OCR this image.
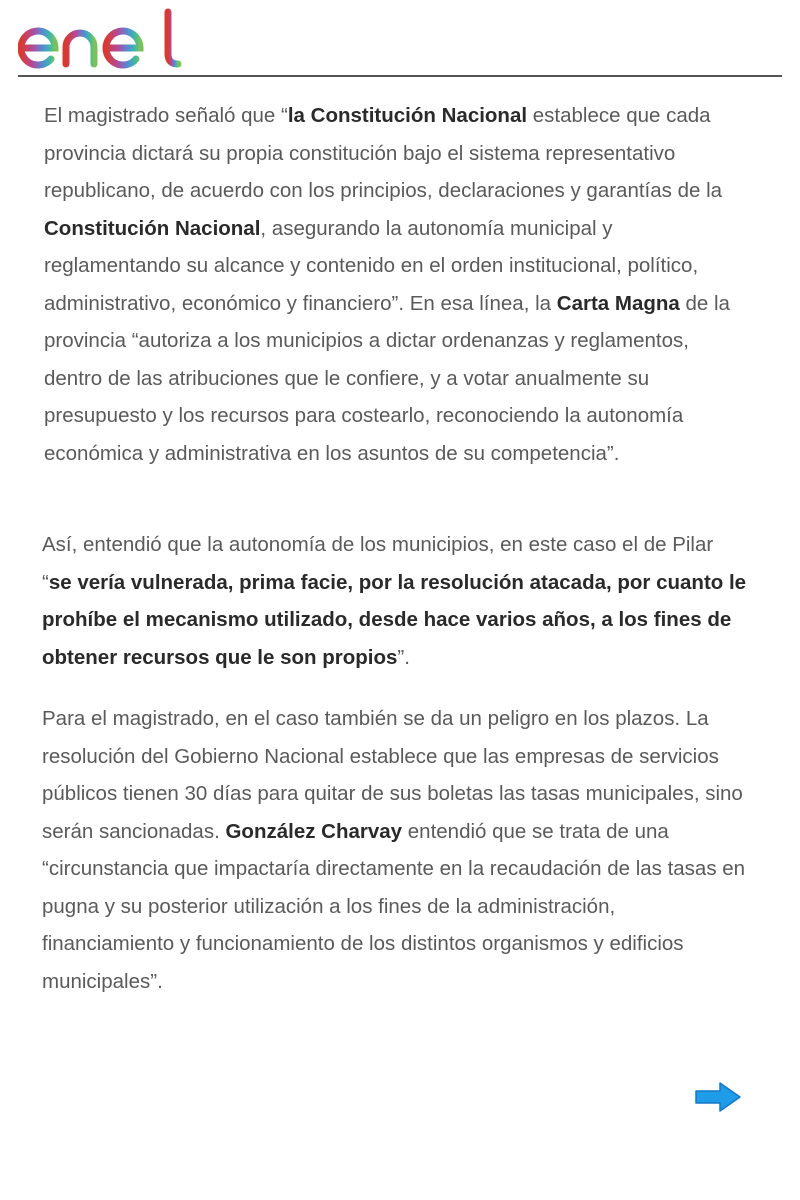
El magistrado señaló que “la Constitución Nacional establece que cada provincia dictará su propia constitución bajo el sistema representativo republicano, de acuerdo con los principios, declaraciones y garantías de la Constitución Nacional, asegurando la autonomía municipal y reglamentando su alcance y contenido en el orden institucional, político, administrativo, económico y financiero”. En esa línea, la Carta Magna de la provincia “autoriza a los municipios a dictar ordenanzas y reglamentos, dentro de las atribuciones que le confiere, y a votar anualmente su presupuesto y los recursos para costearlo, reconociendo la autonomía económica y administrativa en los asuntos de su competencia”.

Así, entendió que la autonomía de los municipios, en este caso el de Pilar “se vería vulnerada, prima facie, por la resolución atacada, por cuanto le prohíbe el mecanismo utilizado, desde hace varios años, a los fines de obtener recursos que le son propios”.

Para el magistrado, en el caso también se da un peligro en los plazos. La resolución del Gobierno Nacional establece que las empresas de servicios públicos tienen 30 días para quitar de sus boletas las tasas municipales, sino serán sancionadas. González Charvay entendió que se trata de una “circunstancia que impactaría directamente en la recaudación de las tasas en pugna y su posterior utilización a los fines de la administración, financiamiento y funcionamiento de los distintos organismos y edificios municipales”.
